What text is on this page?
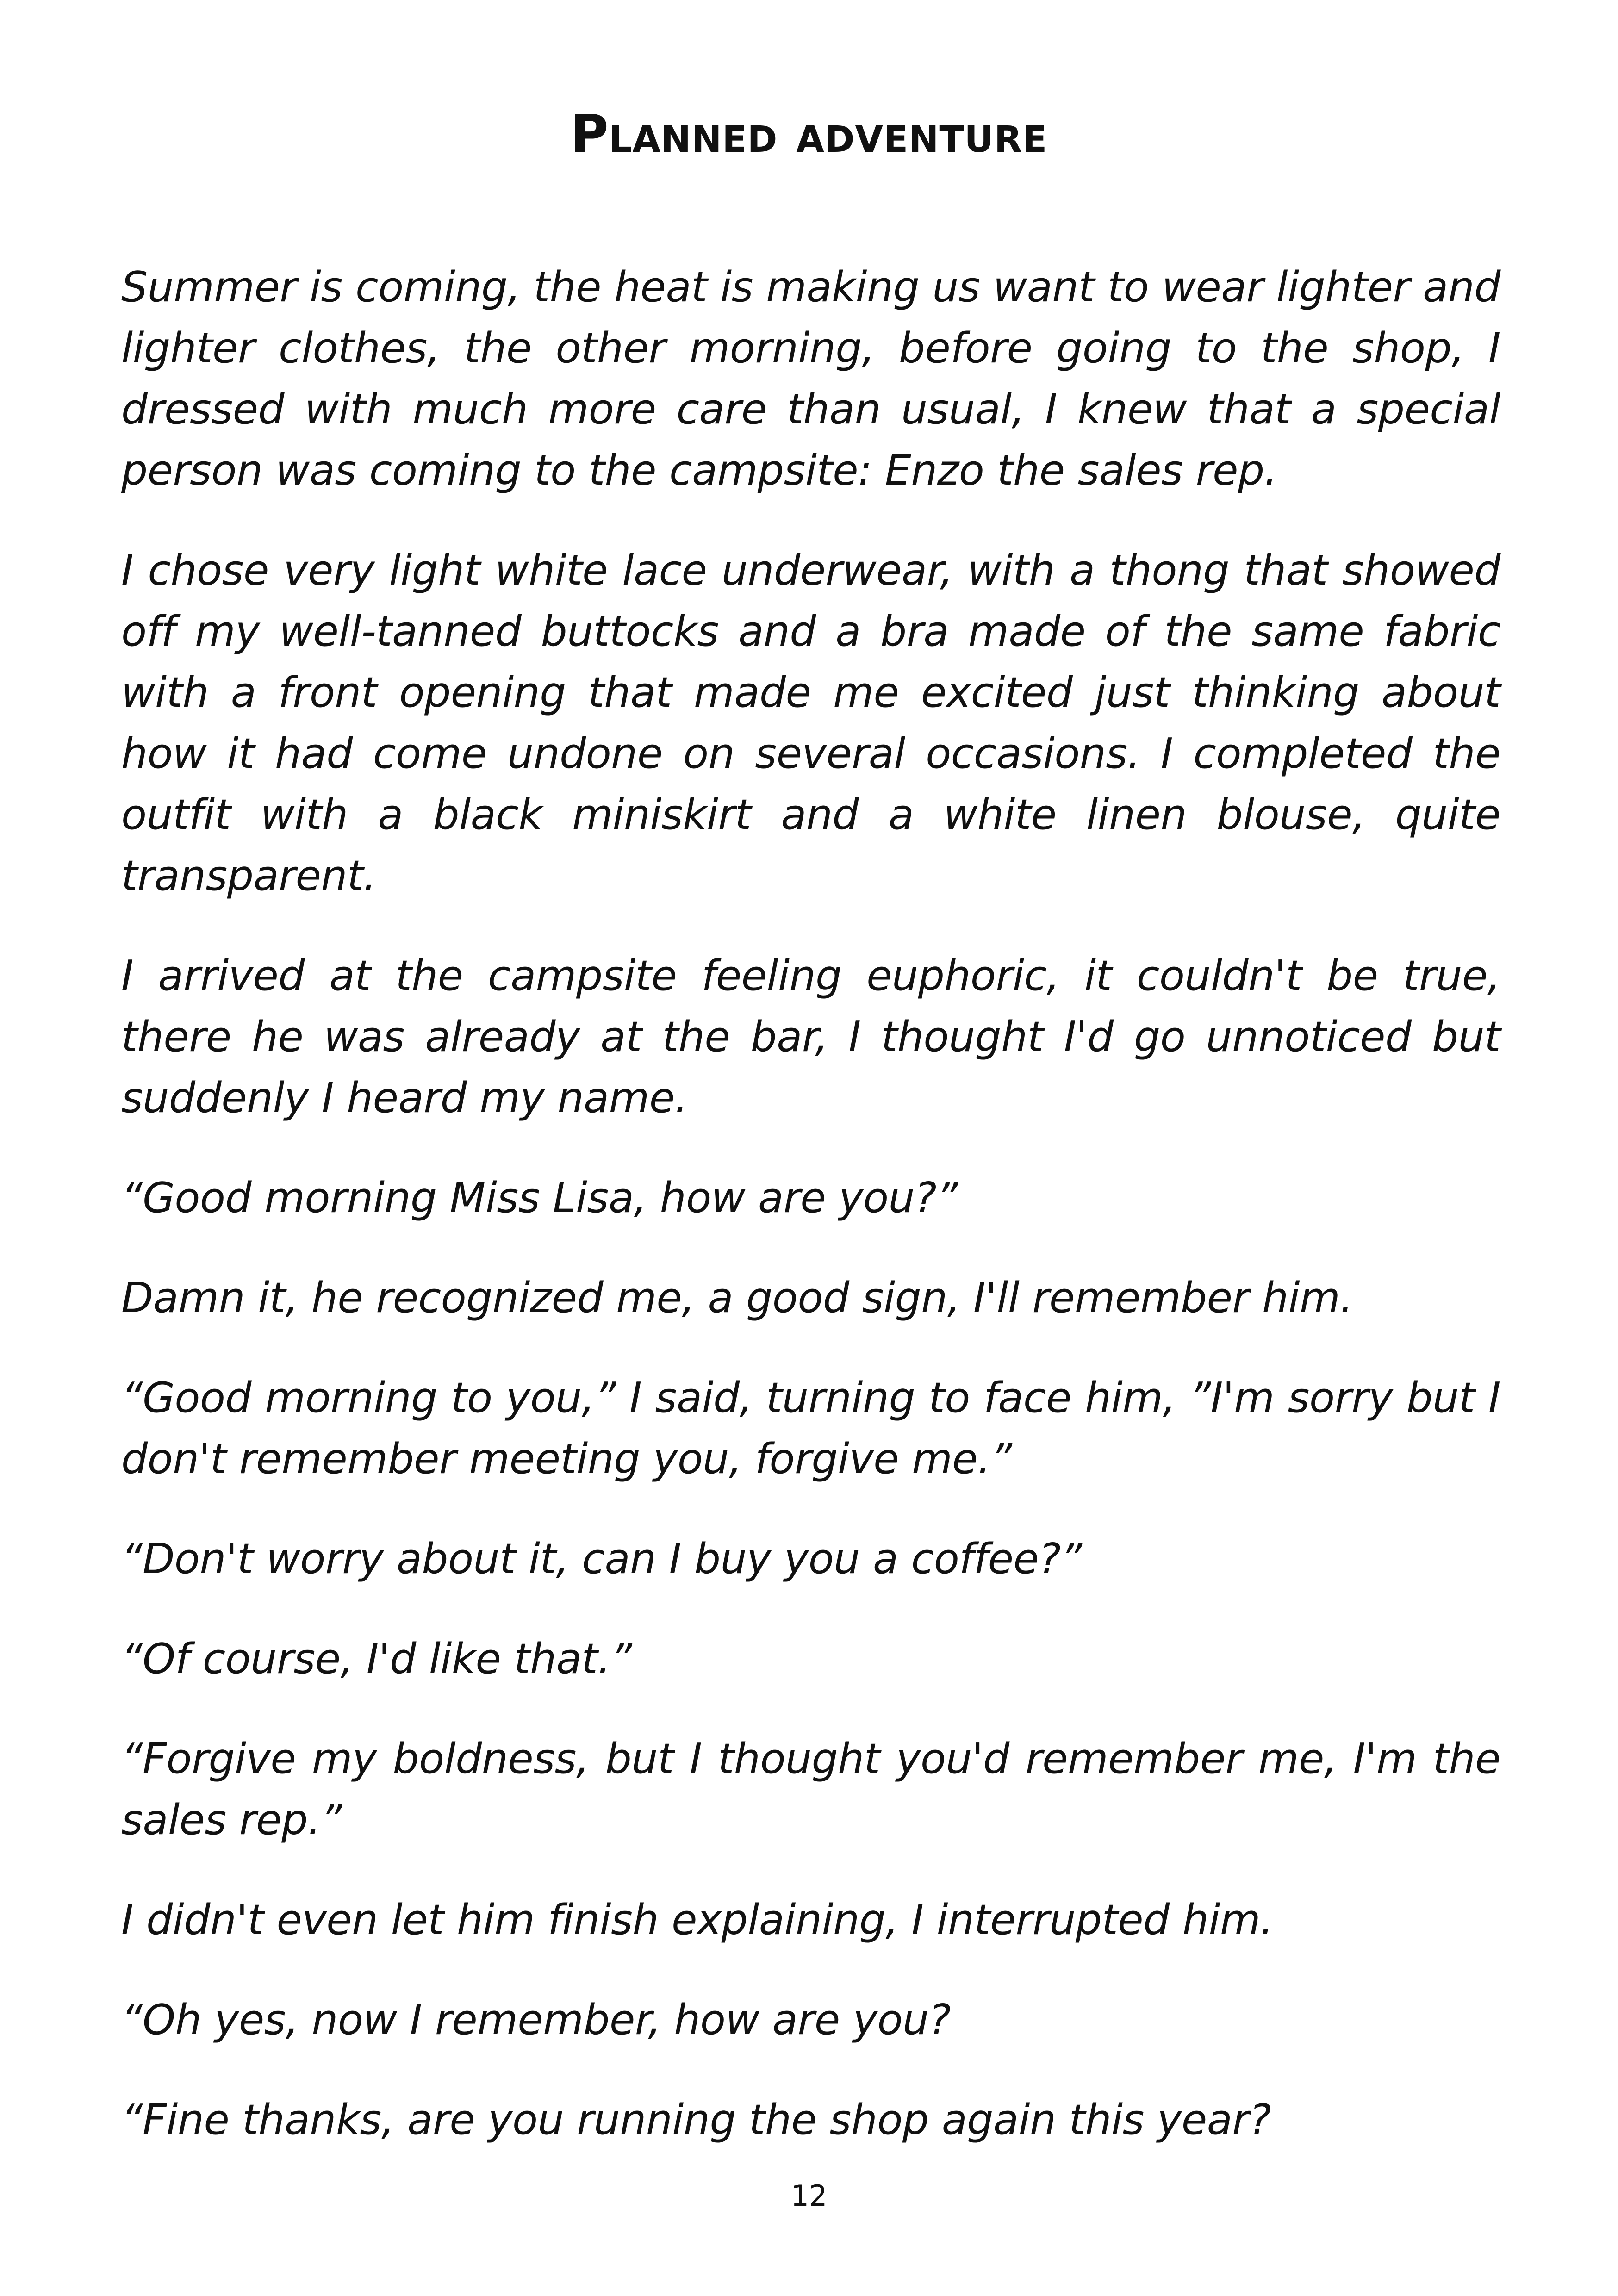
Planned adventure

Summer is coming, the heat is making us want to wear lighter and lighter clothes, the other morning, before going to the shop, I dressed with much more care than usual, I knew that a special person was coming to the campsite: Enzo the sales rep.

I chose very light white lace underwear, with a thong that showed off my well-tanned buttocks and a bra made of the same fabric with a front opening that made me excited just thinking about how it had come undone on several occasions. I completed the outfit with a black miniskirt and a white linen blouse, quite transparent.

I arrived at the campsite feeling euphoric, it couldn't be true, there he was already at the bar, I thought I'd go unnoticed but suddenly I heard my name.

“Good morning Miss Lisa, how are you?”

Damn it, he recognized me, a good sign, I'll remember him.

“Good morning to you,” I said, turning to face him, ”I'm sorry but I don't remember meeting you, forgive me.”

“Don't worry about it, can I buy you a coffee?”

“Of course, I'd like that.”

“Forgive my boldness, but I thought you'd remember me, I'm the sales rep.”

I didn't even let him finish explaining, I interrupted him.

“Oh yes, now I remember, how are you?

“Fine thanks, are you running the shop again this year?

12
